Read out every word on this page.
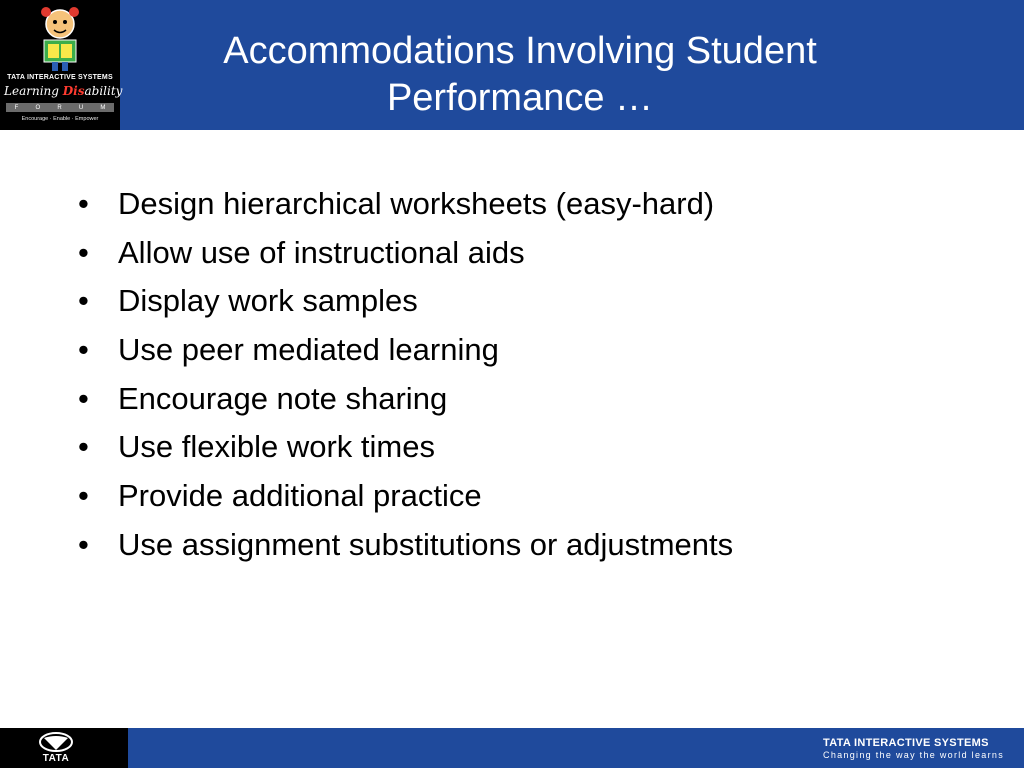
TATA INTERACTIVE SYSTEMS
Learning Disability
F	O	R	U	M
Encourage · Enable · Empower
Accommodations Involving Student Performance …
• Design hierarchical worksheets (easy-hard)
• Allow use of instructional aids
• Display work samples
• Use peer mediated learning
• Encourage note sharing
• Use flexible work times
• Provide additional practice
• Use assignment substitutions or adjustments
TATA
TATA INTERACTIVE SYSTEMS
Changing the way the world learns
